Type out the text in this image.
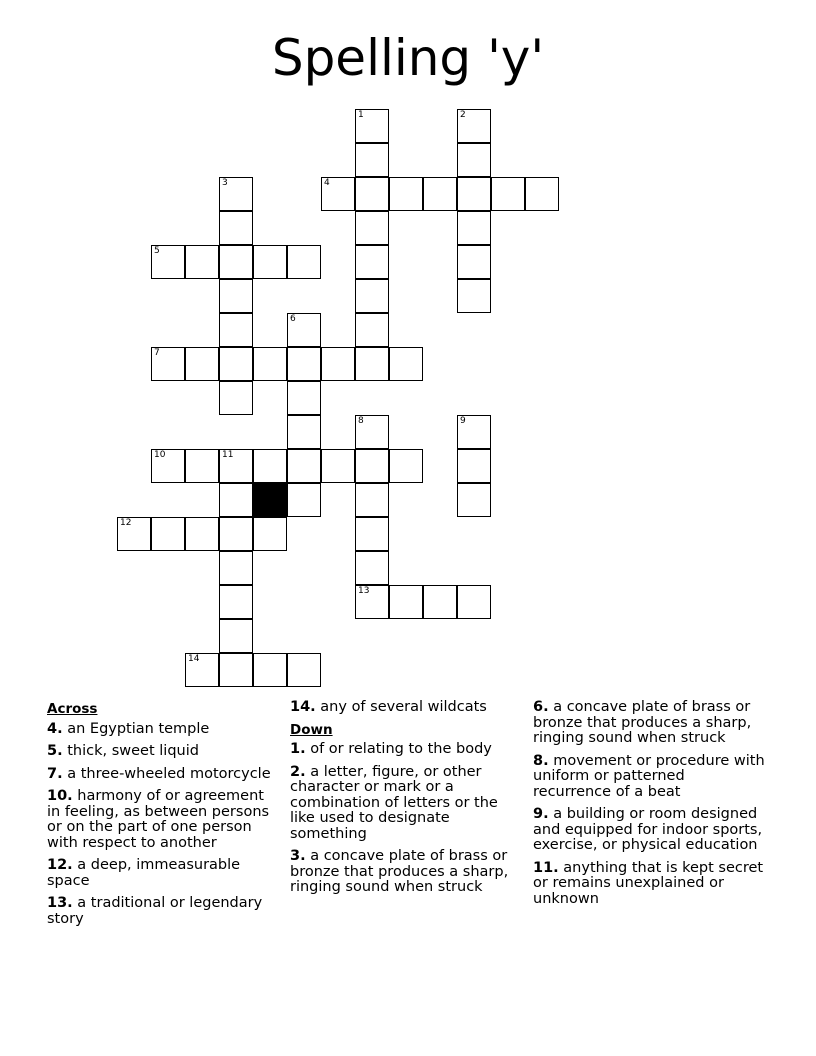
Spelling 'y'
1	2
3	4
5
6
7
8	9
10	11
12
13
14
Across
4. an Egyptian temple
5. thick, sweet liquid
7. a three-wheeled motorcycle
10. harmony of or agreement in feeling, as between persons or on the part of one person with respect to another
12. a deep, immeasurable space
13. a traditional or legendary story
14. any of several wildcats
Down
1. of or relating to the body
2. a letter, figure, or other character or mark or a combination of letters or the like used to designate something
3. a concave plate of brass or bronze that produces a sharp, ringing sound when struck
6. a concave plate of brass or bronze that produces a sharp, ringing sound when struck
8. movement or procedure with uniform or patterned recurrence of a beat
9. a building or room designed and equipped for indoor sports, exercise, or physical education
11. anything that is kept secret or remains unexplained or unknown
